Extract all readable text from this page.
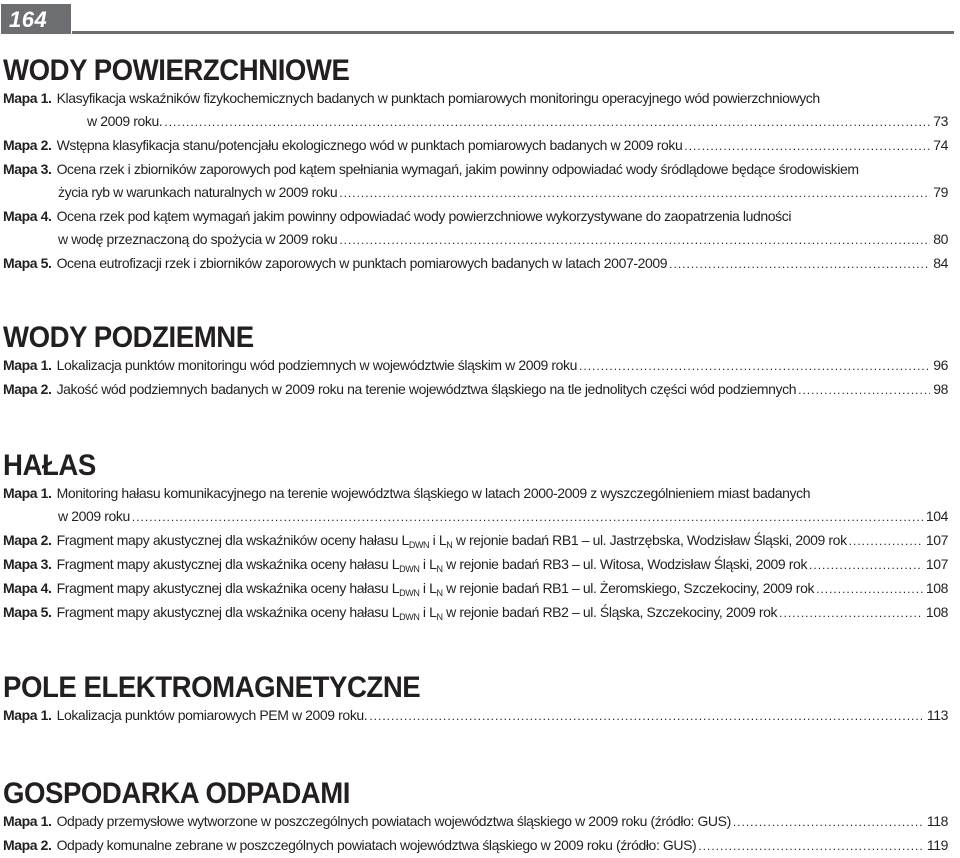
164
WODY POWIERZCHNIOWE
Mapa 1. Klasyfikacja wskaźników fizykochemicznych badanych w punktach pomiarowych monitoringu operacyjnego wód powierzchniowych
w 2009 roku. .....	73
Mapa 2. Wstępna klasyfikacja stanu/potencjału ekologicznego wód w punktach pomiarowych badanych w 2009 roku .....	74
Mapa 3. Ocena rzek i zbiorników zaporowych pod kątem spełniania wymagań, jakim powinny odpowiadać wody śródlądowe będące środowiskiem
życia ryb w warunkach naturalnych w 2009 roku .....	79
Mapa 4. Ocena rzek pod kątem wymagań jakim powinny odpowiadać wody powierzchniowe wykorzystywane do zaopatrzenia ludności
w wodę przeznaczoną do spożycia w 2009 roku .....	80
Mapa 5. Ocena eutrofizacji rzek i zbiorników zaporowych w punktach pomiarowych badanych w latach 2007-2009 .....	84
WODY PODZIEMNE
Mapa 1. Lokalizacja punktów monitoringu wód podziemnych w województwie śląskim w 2009 roku .....	96
Mapa 2. Jakość wód podziemnych badanych w 2009 roku na terenie województwa śląskiego na tle jednolitych części wód podziemnych .....	98
HAŁAS
Mapa 1. Monitoring hałasu komunikacyjnego na terenie województwa śląskiego w latach 2000-2009 z wyszczególnieniem miast badanych
w 2009 roku .....	104
Mapa 2. Fragment mapy akustycznej dla wskaźników oceny hałasu $L_{DWN}$ i $L_N$ w rejonie badań RB1 – ul. Jastrzębska, Wodzisław Śląski, 2009 rok .....	107
Mapa 3. Fragment mapy akustycznej dla wskaźnika oceny hałasu $L_{DWN}$ i $L_N$ w rejonie badań RB3 – ul. Witosa, Wodzisław Śląski, 2009 rok .....	107
Mapa 4. Fragment mapy akustycznej dla wskaźnika oceny hałasu $L_{DWN}$ i $L_N$ w rejonie badań RB1 – ul. Żeromskiego, Szczekociny, 2009 rok .....	108
Mapa 5. Fragment mapy akustycznej dla wskaźnika oceny hałasu $L_{DWN}$ i $L_N$ w rejonie badań RB2 – ul. Śląska, Szczekociny, 2009 rok .....	108
POLE ELEKTROMAGNETYCZNE
Mapa 1. Lokalizacja punktów pomiarowych PEM w 2009 roku. .....	113
GOSPODARKA ODPADAMI
Mapa 1. Odpady przemysłowe wytworzone w poszczególnych powiatach województwa śląskiego w 2009 roku (źródło: GUS) .....	118
Mapa 2. Odpady komunalne zebrane w poszczególnych powiatach województwa śląskiego w 2009 roku (źródło: GUS) .....	119
